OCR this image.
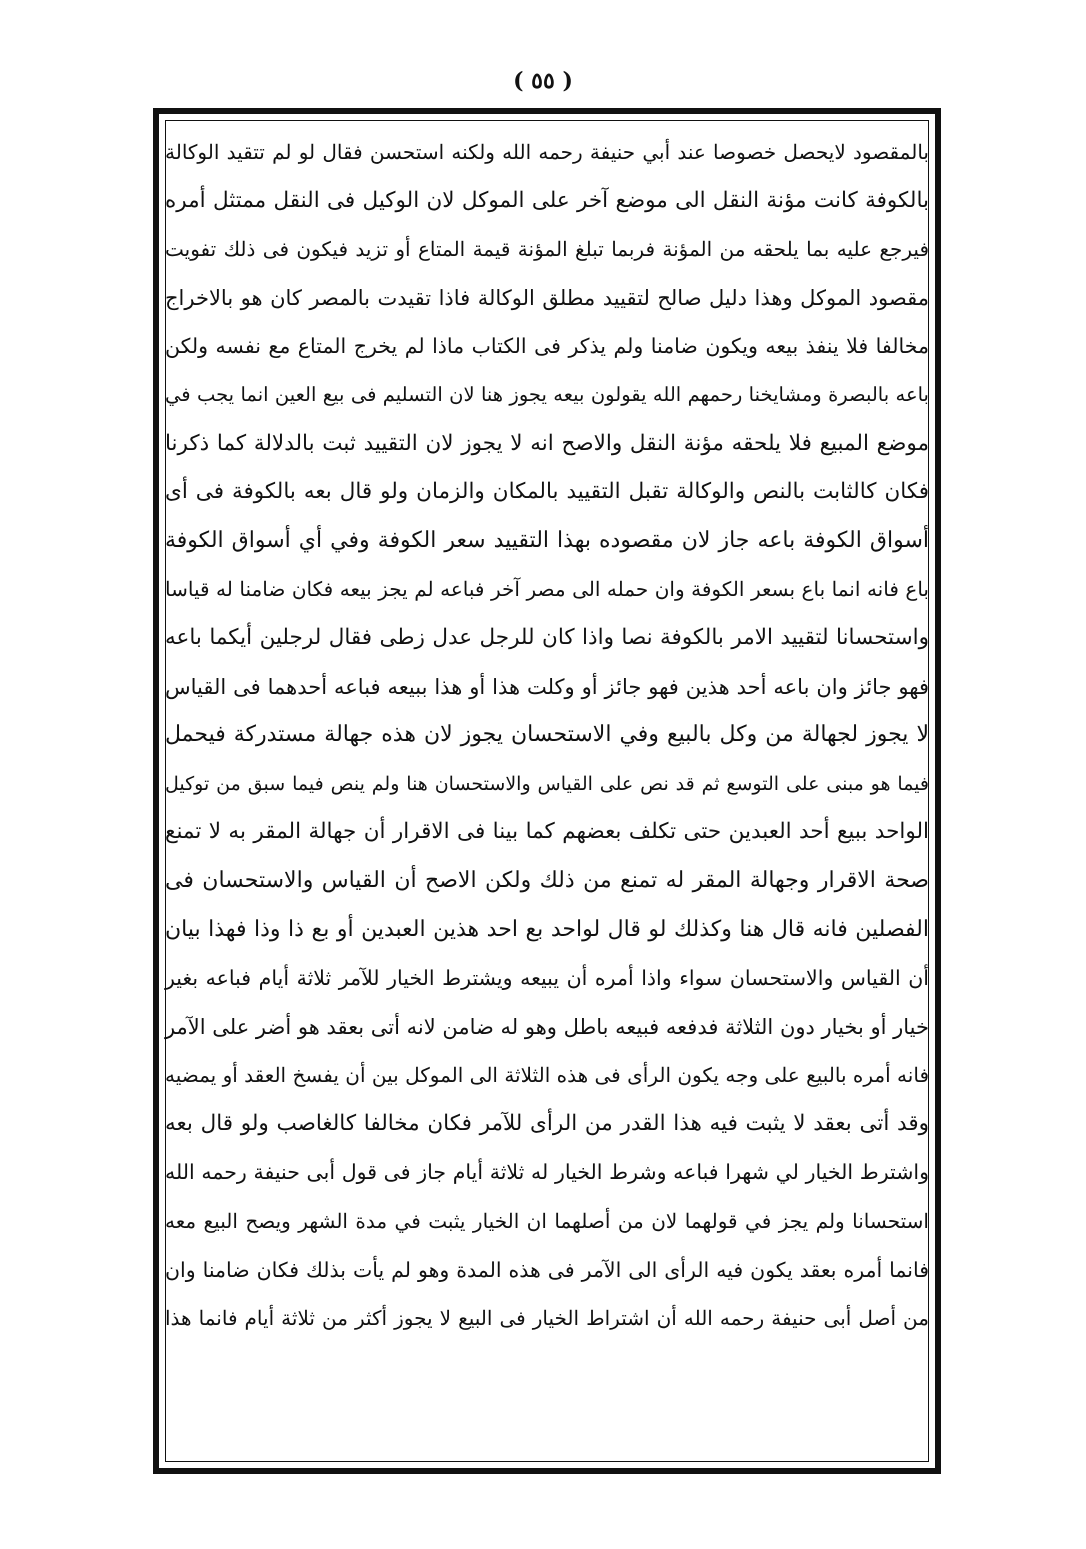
( ٥٥ )
بالمقصود لايحصل خصوصا عند أبي حنيفة رحمه الله ولكنه استحسن فقال لو لم تتقيد الوكالة
بالكوفة كانت مؤنة النقل الى موضع آخر على الموكل لان الوكيل فى النقل ممتثل أمره
فيرجع عليه بما يلحقه من المؤنة فربما تبلغ المؤنة قيمة المتاع أو تزيد فيكون فى ذلك تفويت
مقصود الموكل وهذا دليل صالح لتقييد مطلق الوكالة فاذا تقيدت بالمصر كان هو بالاخراج
مخالفا فلا ينفذ بيعه ويكون ضامنا ولم يذكر فى الكتاب ماذا لم يخرج المتاع مع نفسه ولكن
باعه بالبصرة ومشايخنا رحمهم الله يقولون بيعه يجوز هنا لان التسليم فى بيع العين انما يجب في
موضع المبيع فلا يلحقه مؤنة النقل والاصح انه لا يجوز لان التقييد ثبت بالدلالة كما ذكرنا
فكان كالثابت بالنص والوكالة تقبل التقييد بالمكان والزمان ولو قال بعه بالكوفة فى أى
أسواق الكوفة باعه جاز لان مقصوده بهذا التقييد سعر الكوفة وفي أي أسواق الكوفة
باع فانه انما باع بسعر الكوفة وان حمله الى مصر آخر فباعه لم يجز بيعه فكان ضامنا له قياسا
واستحسانا لتقييد الامر بالكوفة نصا واذا كان للرجل عدل زطى فقال لرجلين أيكما باعه
فهو جائز وان باعه أحد هذين فهو جائز أو وكلت هذا أو هذا ببيعه فباعه أحدهما فى القياس
لا يجوز لجهالة من وكل بالبيع وفي الاستحسان يجوز لان هذه جهالة مستدركة فيحمل
فيما هو مبنى على التوسع ثم قد نص على القياس والاستحسان هنا ولم ينص فيما سبق من توكيل
الواحد ببيع أحد العبدين حتى تكلف بعضهم كما بينا فى الاقرار أن جهالة المقر به لا تمنع
صحة الاقرار وجهالة المقر له تمنع من ذلك ولكن الاصح أن القياس والاستحسان فى
الفصلين فانه قال هنا وكذلك لو قال لواحد بع احد هذين العبدين أو بع ذا وذا فهذا بيان
أن القياس والاستحسان سواء واذا أمره أن يبيعه ويشترط الخيار للآمر ثلاثة أيام فباعه بغير
خيار أو بخيار دون الثلاثة فدفعه فبيعه باطل وهو له ضامن لانه أتى بعقد هو أضر على الآمر
فانه أمره بالبيع على وجه يكون الرأى فى هذه الثلاثة الى الموكل بين أن يفسخ العقد أو يمضيه
وقد أتى بعقد لا يثبت فيه هذا القدر من الرأى للآمر فكان مخالفا كالغاصب ولو قال بعه
واشترط الخيار لي شهرا فباعه وشرط الخيار له ثلاثة أيام جاز فى قول أبى حنيفة رحمه الله
استحسانا ولم يجز في قولهما لان من أصلهما ان الخيار يثبت في مدة الشهر ويصح البيع معه
فانما أمره بعقد يكون فيه الرأى الى الآمر فى هذه المدة وهو لم يأت بذلك فكان ضامنا وان
من أصل أبى حنيفة رحمه الله أن اشتراط الخيار فى البيع لا يجوز أكثر من ثلاثة أيام فانما هذا
